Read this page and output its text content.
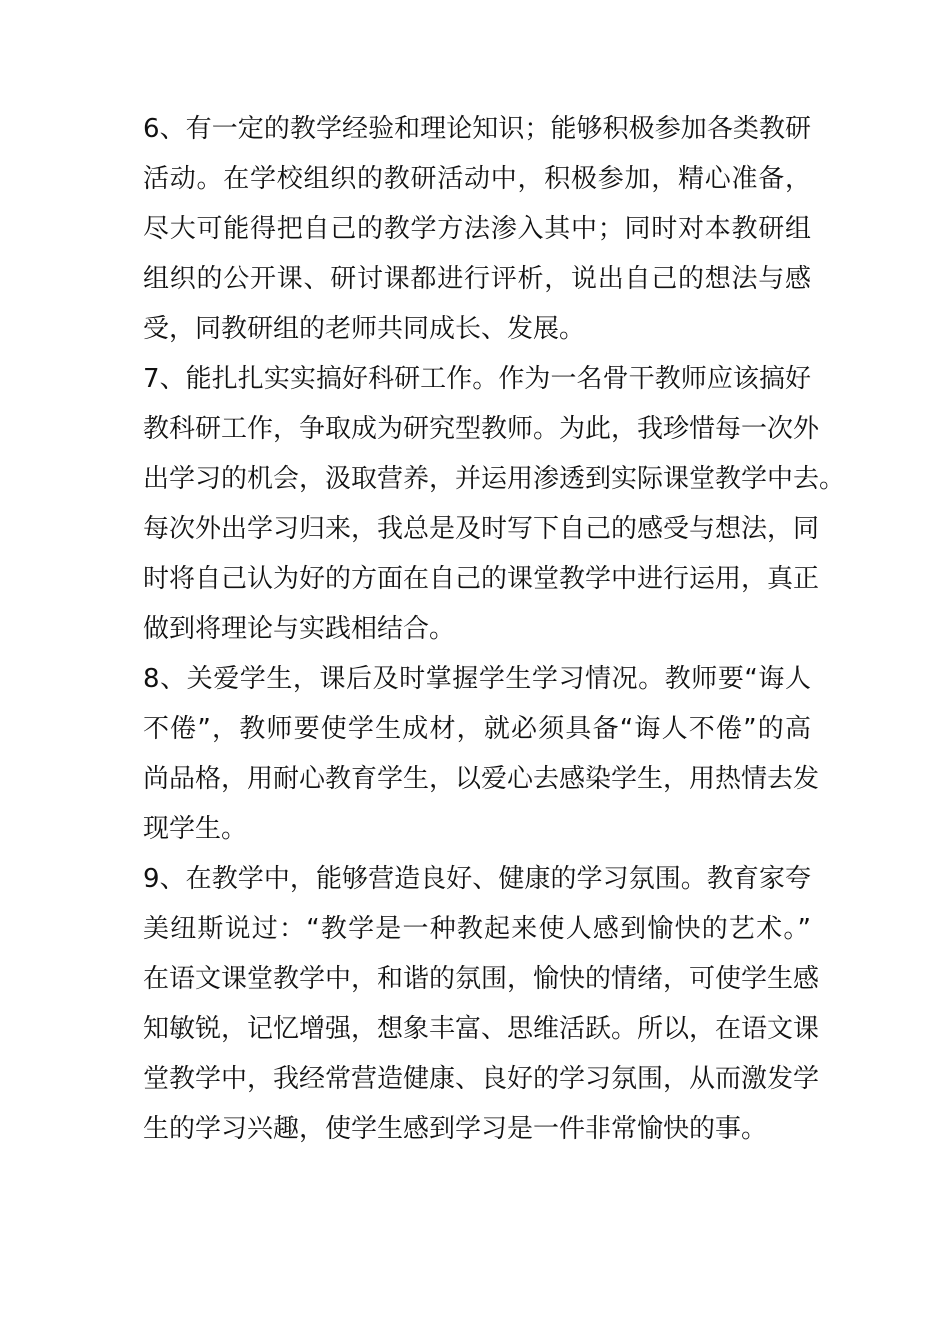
6、有一定的教学经验和理论知识；能够积极参加各类教研
活动。在学校组织的教研活动中，积极参加，精心准备，
尽大可能得把自己的教学方法渗入其中；同时对本教研组
组织的公开课、研讨课都进行评析，说出自己的想法与感
受，同教研组的老师共同成长、发展。
7、能扎扎实实搞好科研工作。作为一名骨干教师应该搞好
教科研工作，争取成为研究型教师。为此，我珍惜每一次外
出学习的机会，汲取营养，并运用渗透到实际课堂教学中去。
每次外出学习归来，我总是及时写下自己的感受与想法，同
时将自己认为好的方面在自己的课堂教学中进行运用，真正
做到将理论与实践相结合。
8、关爱学生，课后及时掌握学生学习情况。教师要“诲人
不倦”，教师要使学生成材，就必须具备“诲人不倦”的高
尚品格，用耐心教育学生，以爱心去感染学生，用热情去发
现学生。
9、在教学中，能够营造良好、健康的学习氛围。教育家夸
美纽斯说过：“教学是一种教起来使人感到愉快的艺术。”
在语文课堂教学中，和谐的氛围，愉快的情绪，可使学生感
知敏锐，记忆增强，想象丰富、思维活跃。所以，在语文课
堂教学中，我经常营造健康、良好的学习氛围，从而激发学
生的学习兴趣，使学生感到学习是一件非常愉快的事。
